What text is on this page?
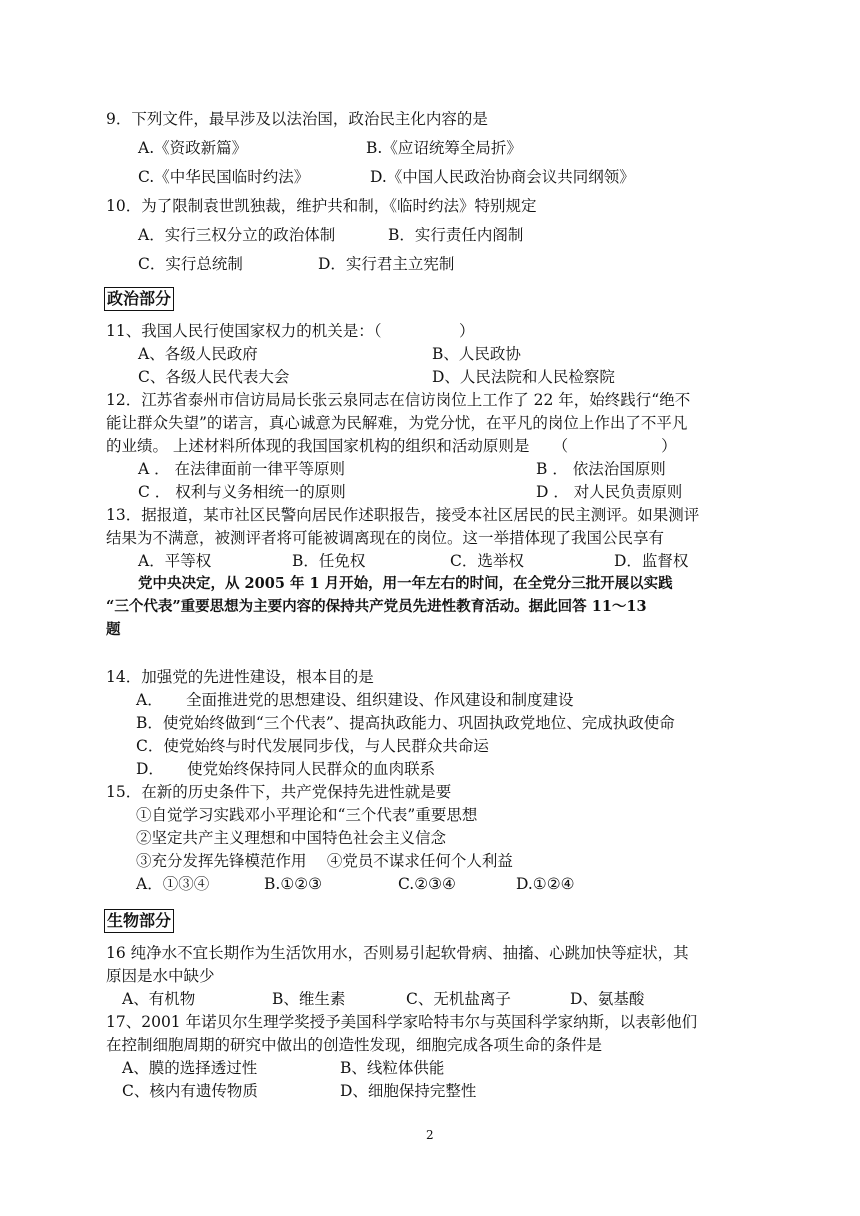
9．下列文件，最早涉及以法治国，政治民主化内容的是
A.《资政新篇》	B.《应诏统筹全局折》
C.《中华民国临时约法》	D.《中国人民政治协商会议共同纲领》
10．为了限制袁世凯独裁，维护共和制，《临时约法》特别规定
A．实行三权分立的政治体制	B．实行责任内阁制
C．实行总统制	D．实行君主立宪制
政治部分
11、我国人民行使国家权力的机关是：（　　　　　）
A、各级人民政府	B、人民政协
C、各级人民代表大会	D、人民法院和人民检察院
12．江苏省泰州市信访局局长张云泉同志在信访岗位上工作了 22 年，始终践行“绝不
能让群众失望”的诺言，真心诚意为民解难，为党分忧，在平凡的岗位上作出了不平凡
的业绩。 上述材料所体现的我国国家机构的组织和活动原则是　　（　　　　　　）
A ． 在法律面前一律平等原则	B ． 依法治国原则
C ． 权利与义务相统一的原则	D ． 对人民负责原则
13．据报道，某市社区民警向居民作述职报告，接受本社区居民的民主测评。如果测评
结果为不满意，被测评者将可能被调离现在的岗位。这一举措体现了我国公民享有
A．平等权	B．任免权	C．选举权	D．监督权
党中央决定，从 2005 年 1 月开始，用一年左右的时间，在全党分三批开展以实践
“三个代表”重要思想为主要内容的保持共产党员先进性教育活动。据此回答 11～13
题
14．加强党的先进性建设，根本目的是
A．　　全面推进党的思想建设、组织建设、作风建设和制度建设
B．使党始终做到“三个代表”、提高执政能力、巩固执政党地位、完成执政使命
C．使党始终与时代发展同步伐，与人民群众共命运
D．　　使党始终保持同人民群众的血肉联系
15．在新的历史条件下，共产党保持先进性就是要
①自觉学习实践邓小平理论和“三个代表”重要思想
②坚定共产主义理想和中国特色社会主义信念
③充分发挥先锋模范作用　 ④党员不谋求任何个人利益
A．①③④	B.①②③	C.②③④	D.①②④
生物部分
16 纯净水不宜长期作为生活饮用水，否则易引起软骨病、抽搐、心跳加快等症状，其
原因是水中缺少
A、有机物	B、维生素	C、无机盐离子	D、氨基酸
17、2001 年诺贝尔生理学奖授予美国科学家哈特韦尔与英国科学家纳斯，以表彰他们
在控制细胞周期的研究中做出的创造性发现，细胞完成各项生命的条件是
A、膜的选择透过性	B、线粒体供能
C、核内有遗传物质	D、细胞保持完整性
2
